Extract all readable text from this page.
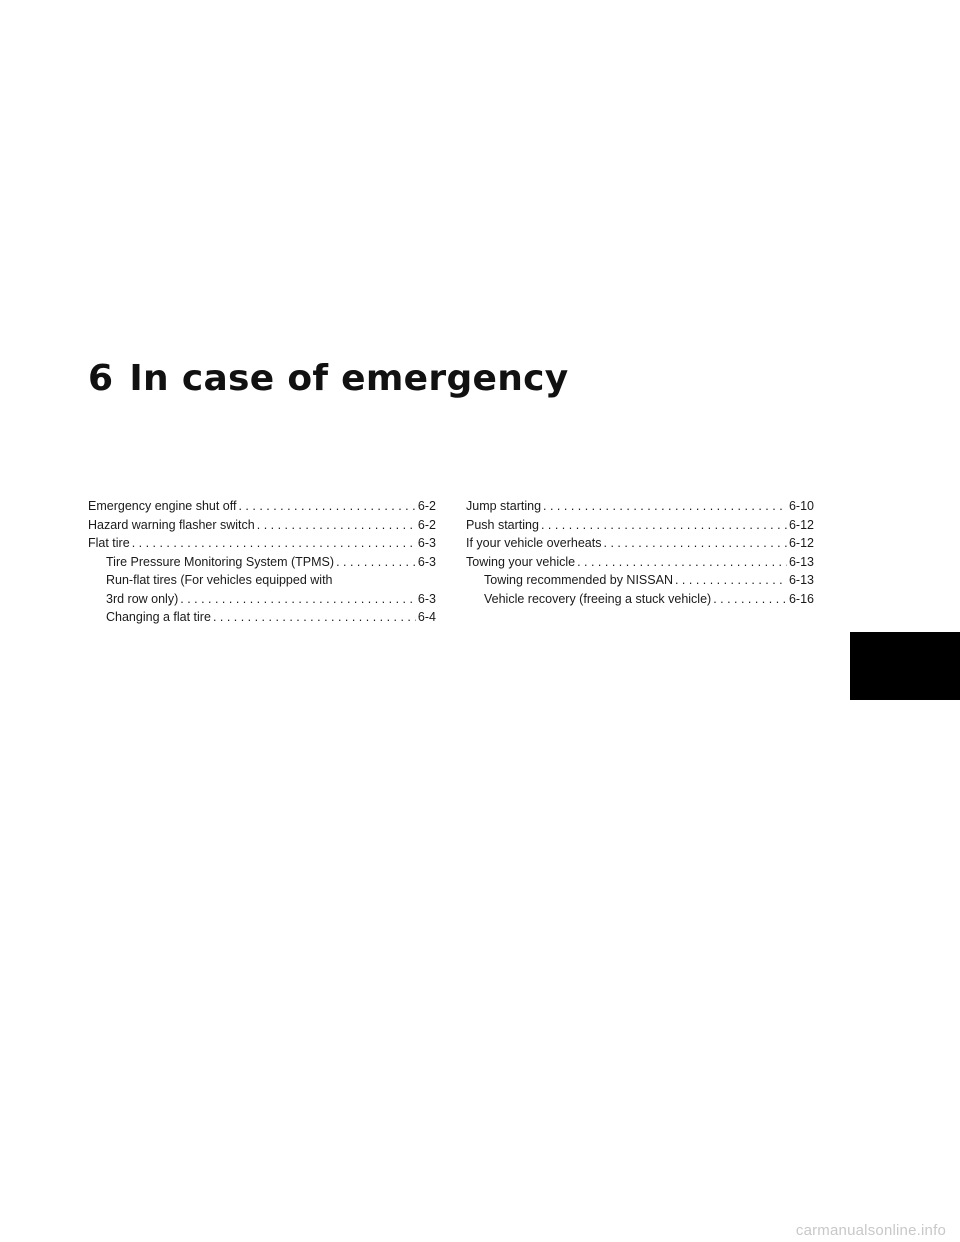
6 In case of emergency
Emergency engine shut off . . .	6-2
Hazard warning flasher switch . . .	6-2
Flat tire . . .	6-3
Tire Pressure Monitoring System (TPMS) . . .	6-3
Run-flat tires (For vehicles equipped with
3rd row only) . . .	6-3
Changing a flat tire . . .	6-4
Jump starting . . .	6-10
Push starting . . .	6-12
If your vehicle overheats . . .	6-12
Towing your vehicle . . .	6-13
Towing recommended by NISSAN . . .	6-13
Vehicle recovery (freeing a stuck vehicle) . . .	6-16
carmanualsonline.info
